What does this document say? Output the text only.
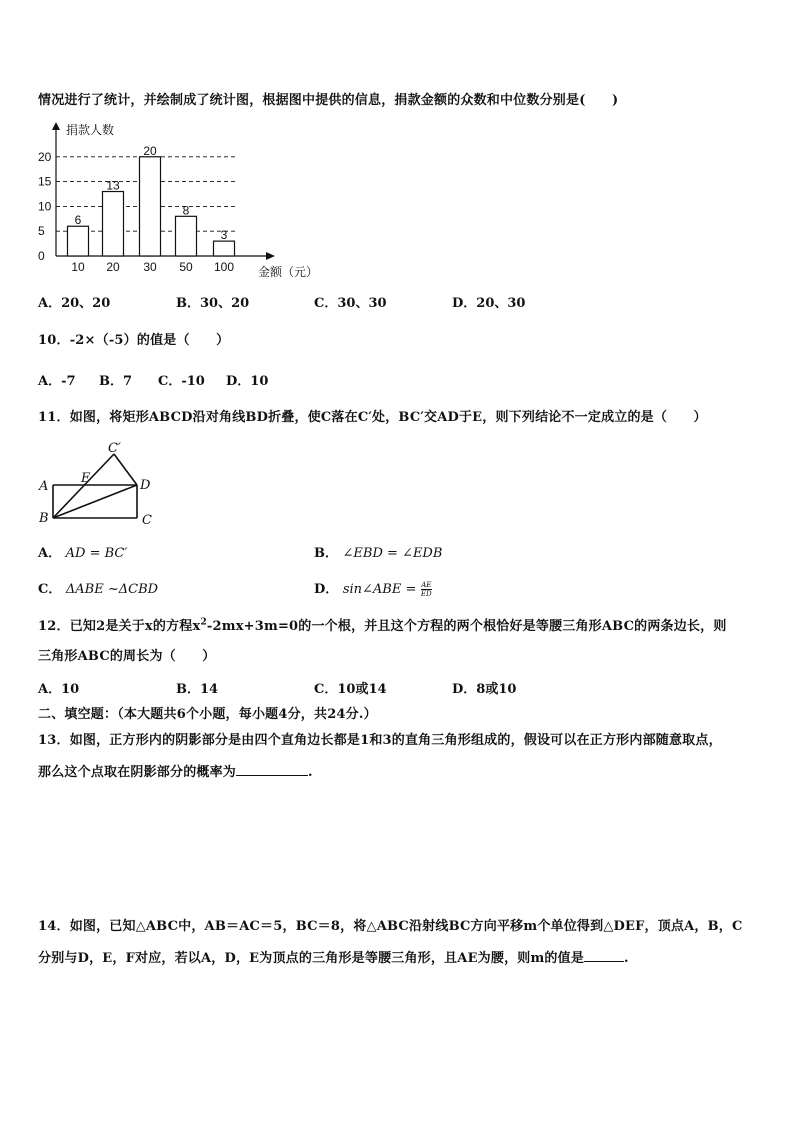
情况进行了统计，并绘制成了统计图，根据图中提供的信息，捐款金额的众数和中位数分别是(　　)
0
5
10
15
20
捐款人数
金额（元）
6
10
13
20
20
30
8
50
3
100
A．20、20	B．30、20	C．30、30	D．20、30
10．-2×（-5）的值是（　　）
A．-7 B．7 C．-10 D．10
11．如图，将矩形ABCD沿对角线BD折叠，使C落在C′处，BC′交AD于E，则下列结论不一定成立的是（　　）
A
B	C
D
E
C′
A． AD = BC′	B． ∠EBD = ∠EDB
C． ΔABE ~ΔCBD	D． sin∠ABE = $\frac{AE}{ED}$
12．已知2是关于x的方程$x^2-2mx+3m=0$的一个根，并且这个方程的两个根恰好是等腰三角形ABC的两条边长，则
三角形ABC的周长为（　　）
A．10	B．14	C．10或14	D．8或10
二、填空题：（本大题共6个小题，每小题4分，共24分.）
13．如图，正方形内的阴影部分是由四个直角边长都是1和3的直角三角形组成的，假设可以在正方形内部随意取点，
那么这个点取在阴影部分的概率为	.
14．如图，已知△ABC中，AB＝AC＝5，BC＝8，将△ABC沿射线BC方向平移m个单位得到△DEF，顶点A，B，C
分别与D，E，F对应，若以A，D，E为顶点的三角形是等腰三角形，且AE为腰，则m的值是	.
